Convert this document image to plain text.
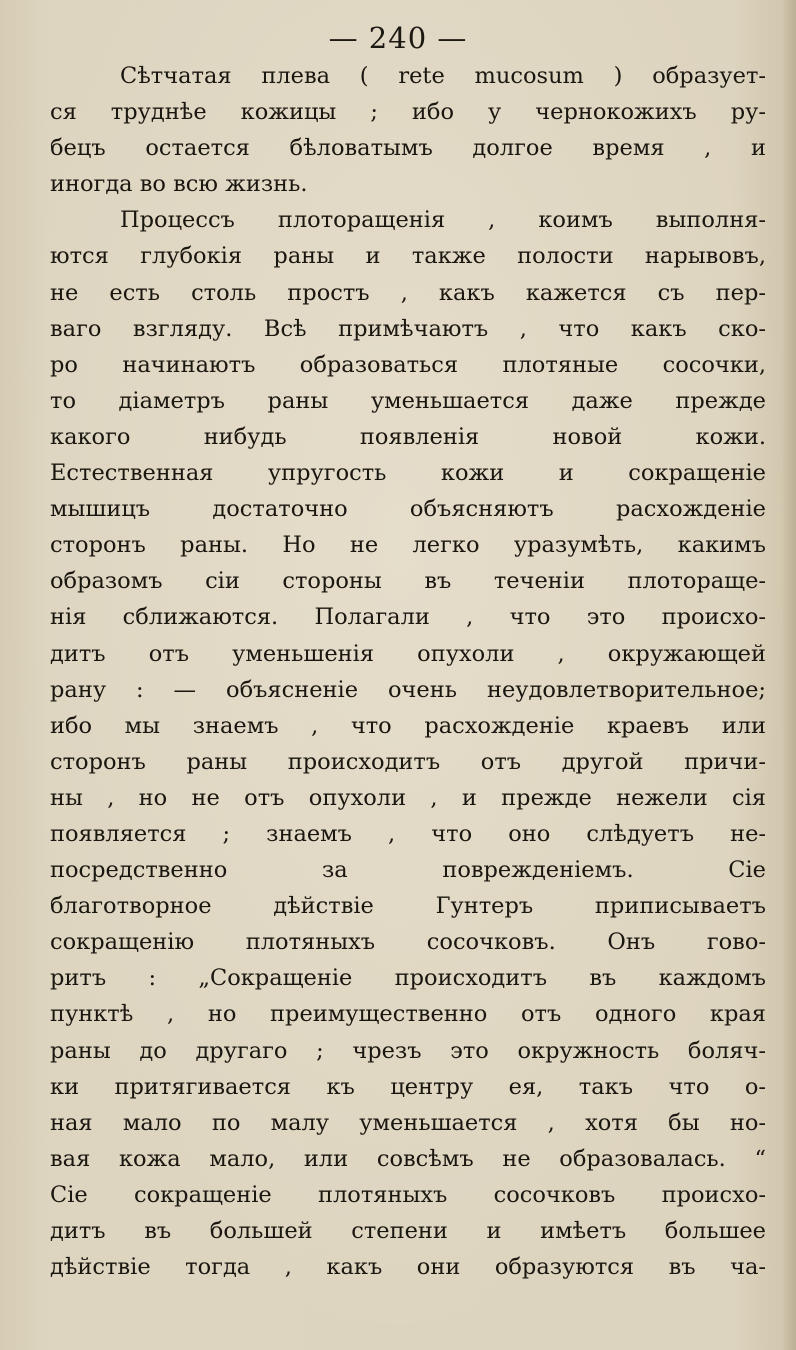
— 240 —
Сѣтчатая плева ( rete mucosum ) образует-
ся труднѣе кожицы ; ибо у чернокожихъ ру-
бецъ остается бѣловатымъ долгое время , и
иногда во всю жизнь.
Процессъ плоторащенія , коимъ выполня-
ются глубокія раны и также полости нарывовъ,
не есть столь простъ , какъ кажется съ пер-
ваго взгляду. Всѣ примѣчаютъ , что какъ ско-
ро начинаютъ образоваться плотяные сосочки,
то діаметръ раны уменьшается даже прежде
какого нибудь появленія новой кожи.
Естественная упругость кожи и сокращеніе
мышицъ достаточно объясняютъ расхожденіе
сторонъ раны. Но не легко уразумѣть, какимъ
образомъ сіи стороны въ теченіи плотораще-
нія сближаются. Полагали , что это происхо-
дитъ отъ уменьшенія опухоли , окружающей
рану : — объясненіе очень неудовлетворительное;
ибо мы знаемъ , что расхожденіе краевъ или
сторонъ раны происходитъ отъ другой причи-
ны , но не отъ опухоли , и прежде нежели сія
появляется ; знаемъ , что оно слѣдуетъ не-
посредственно за поврежденіемъ. Сіе
благотворное дѣйствіе Гунтеръ приписываетъ
сокращенію плотяныхъ сосочковъ. Онъ гово-
ритъ : „Сокращеніе происходитъ въ каждомъ
пунктѣ , но преимущественно отъ одного края
раны до другаго ; чрезъ это окружность боляч-
ки притягивается къ центру ея, такъ что о-
ная мало по малу уменьшается , хотя бы но-
вая кожа мало, или совсѣмъ не образовалась. “
Сіе сокращеніе плотяныхъ сосочковъ происхо-
дитъ въ большей степени и имѣетъ большее
дѣйствіе тогда , какъ они образуются въ ча-
